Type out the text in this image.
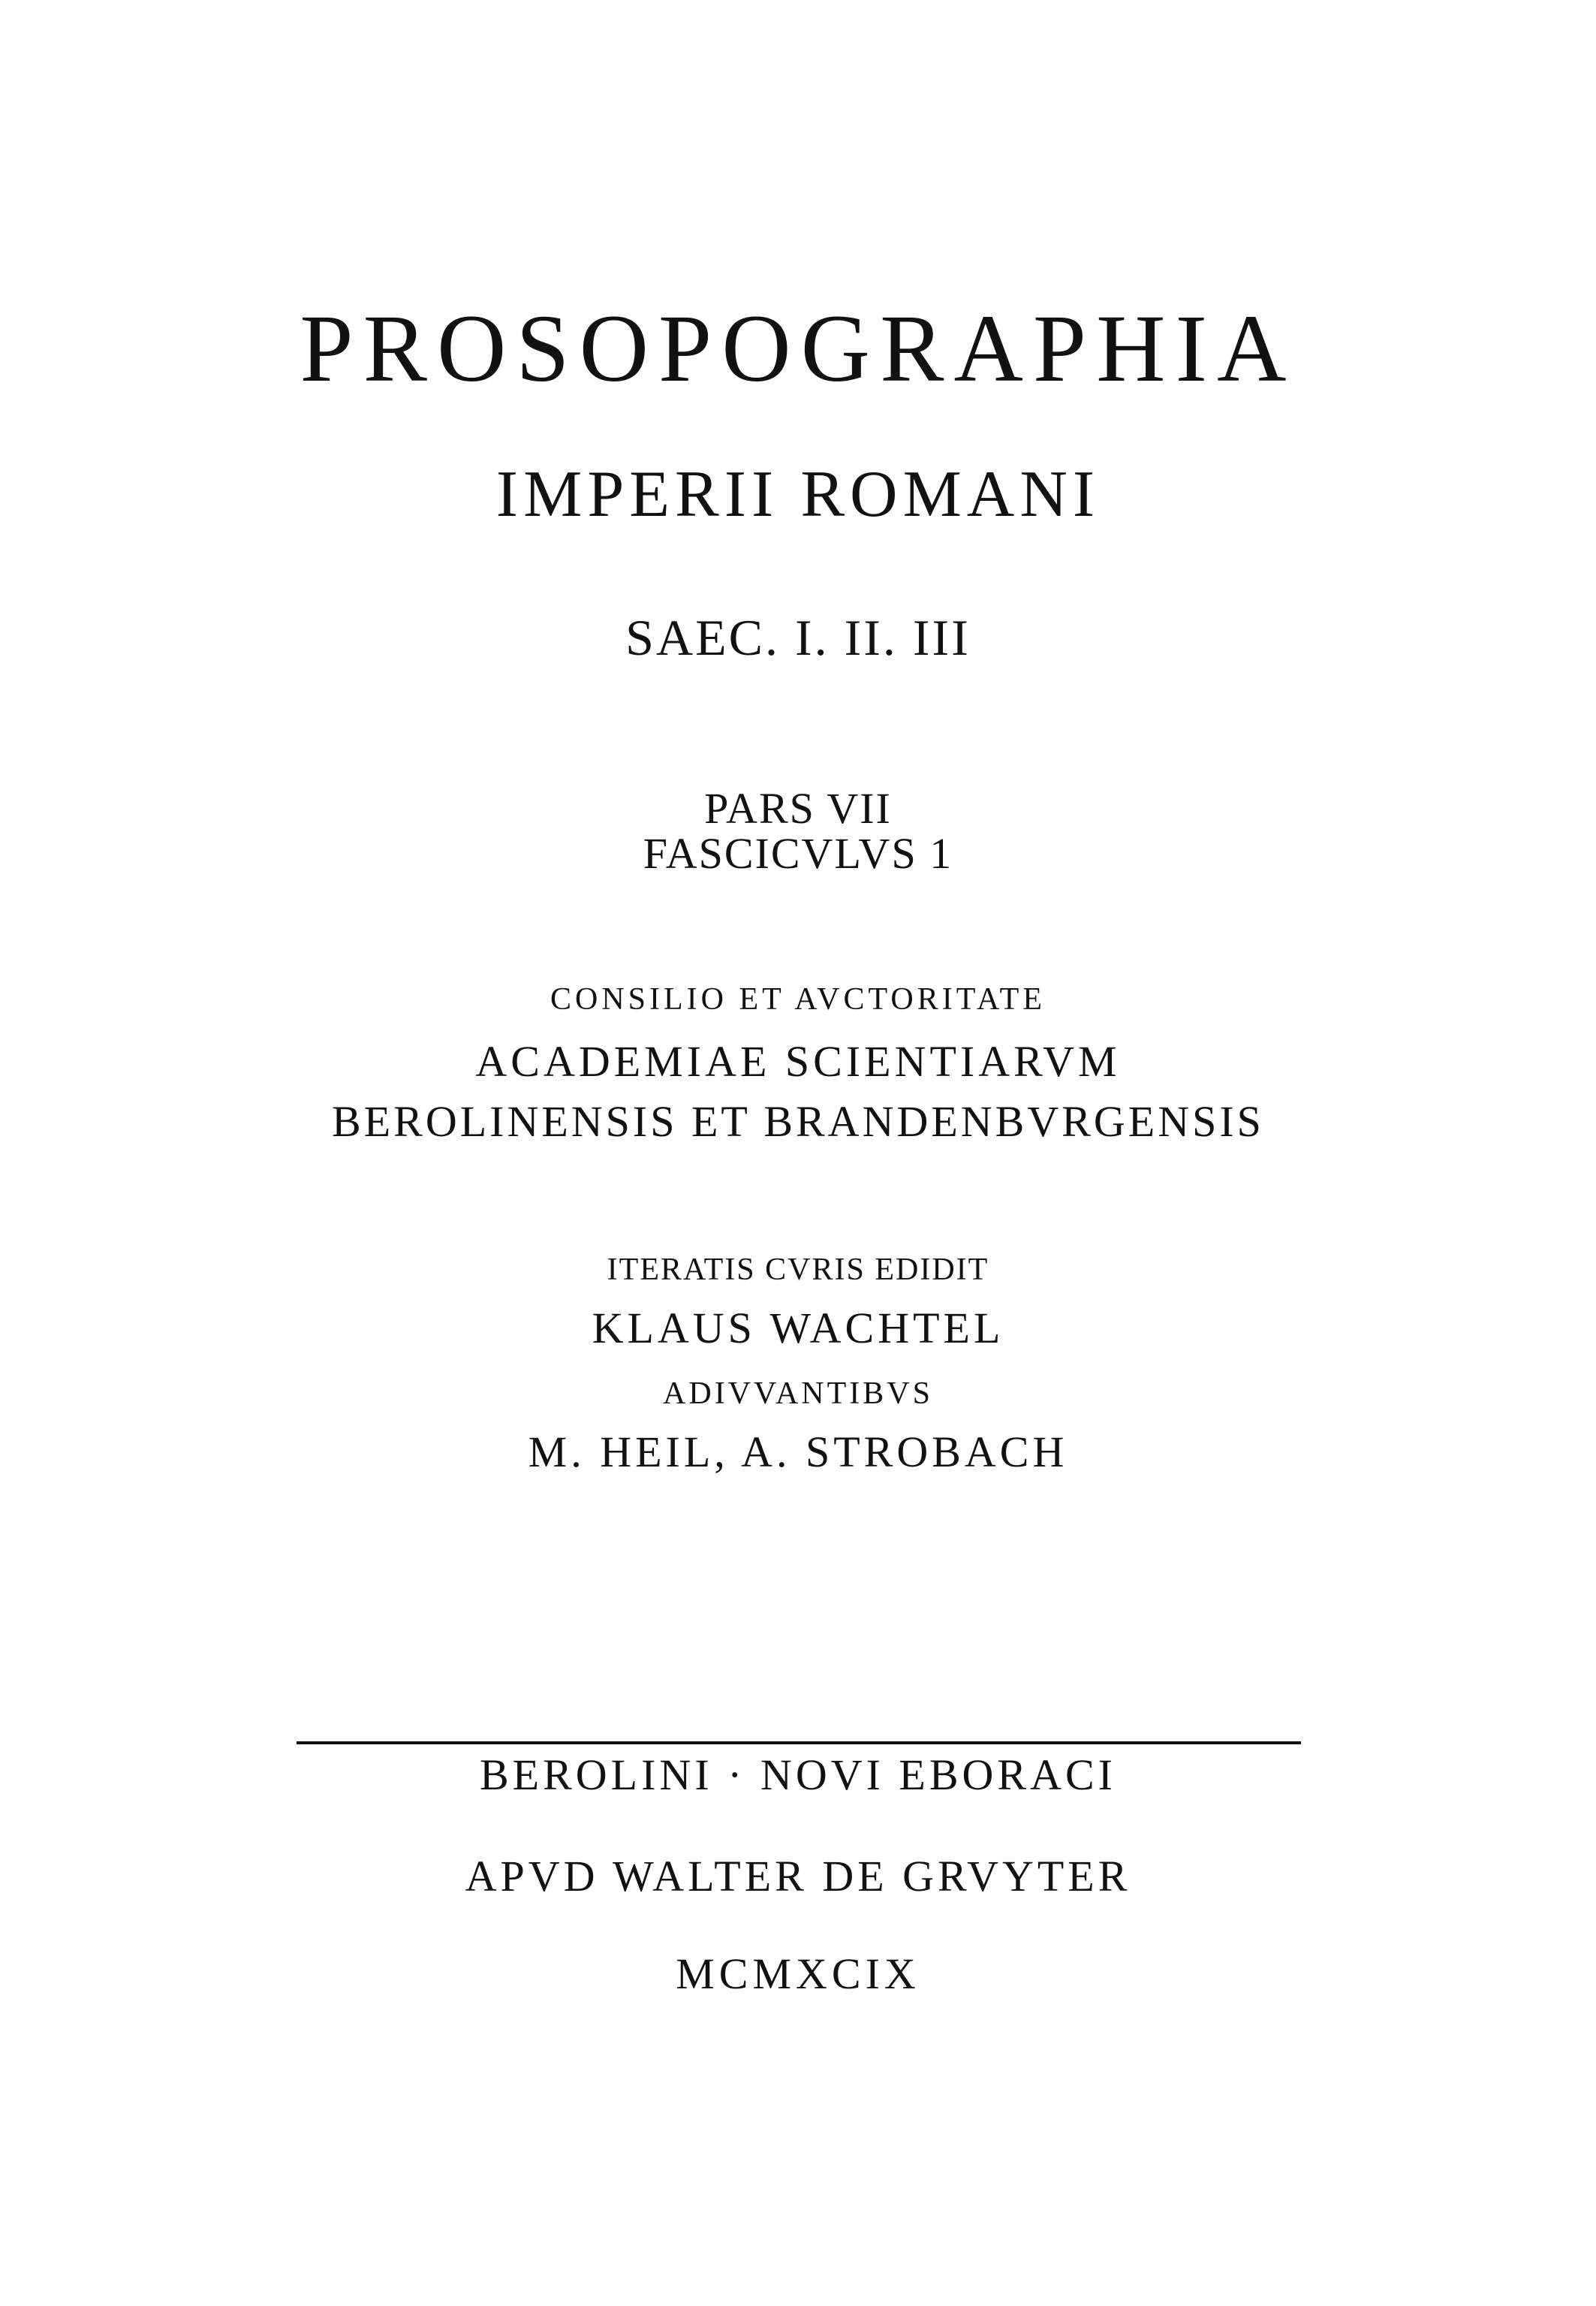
PROSOPOGRAPHIA
IMPERII ROMANI
SAEC. I. II. III
PARS VII
FASCICVLVS 1
CONSILIO ET AVCTORITATE
ACADEMIAE SCIENTIARVM
BEROLINENSIS ET BRANDENBVRGENSIS
ITERATIS CVRIS EDIDIT
KLAUS WACHTEL
ADIVVANTIBVS
M. HEIL, A. STROBACH
BEROLINI · NOVI EBORACI
APVD WALTER DE GRVYTER
MCMXCIX
